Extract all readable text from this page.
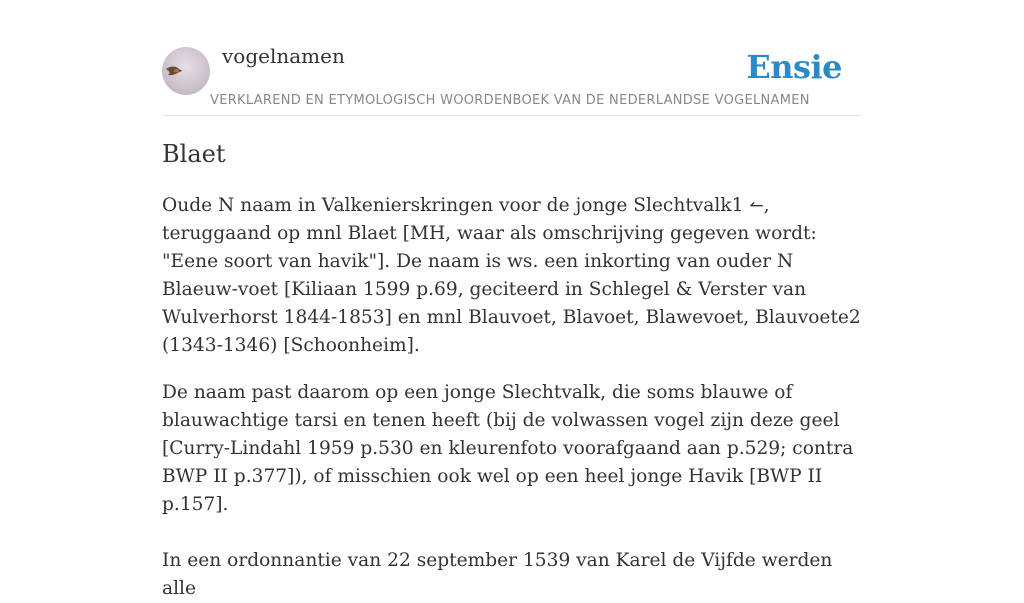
vogelnamen	Ensie
VERKLAREND EN ETYMOLOGISCH WOORDENBOEK VAN DE NEDERLANDSE VOGELNAMEN
Blaet

Oude N naam in Valkenierskringen voor de jonge Slechtvalk1 ↼, teruggaand op mnl Blaet [MH, waar als omschrijving gegeven wordt: "Eene soort van havik"]. De naam is ws. een inkorting van ouder N Blaeuw-voet [Kiliaan 1599 p.69, geciteerd in Schlegel & Verster van Wulverhorst 1844-1853] en mnl Blauvoet, Blavoet, Blawevoet, Blauvoete2 (1343-1346) [Schoonheim].

De naam past daarom op een jonge Slechtvalk, die soms blauwe of blauwachtige tarsi en tenen heeft (bij de volwassen vogel zijn deze geel [Curry-Lindahl 1959 p.530 en kleurenfoto voorafgaand aan p.529; contra BWP II p.377]), of misschien ook wel op een heel jonge Havik [BWP II p.157].

In een ordonnantie van 22 september 1539 van Karel de Vijfde werden alle
